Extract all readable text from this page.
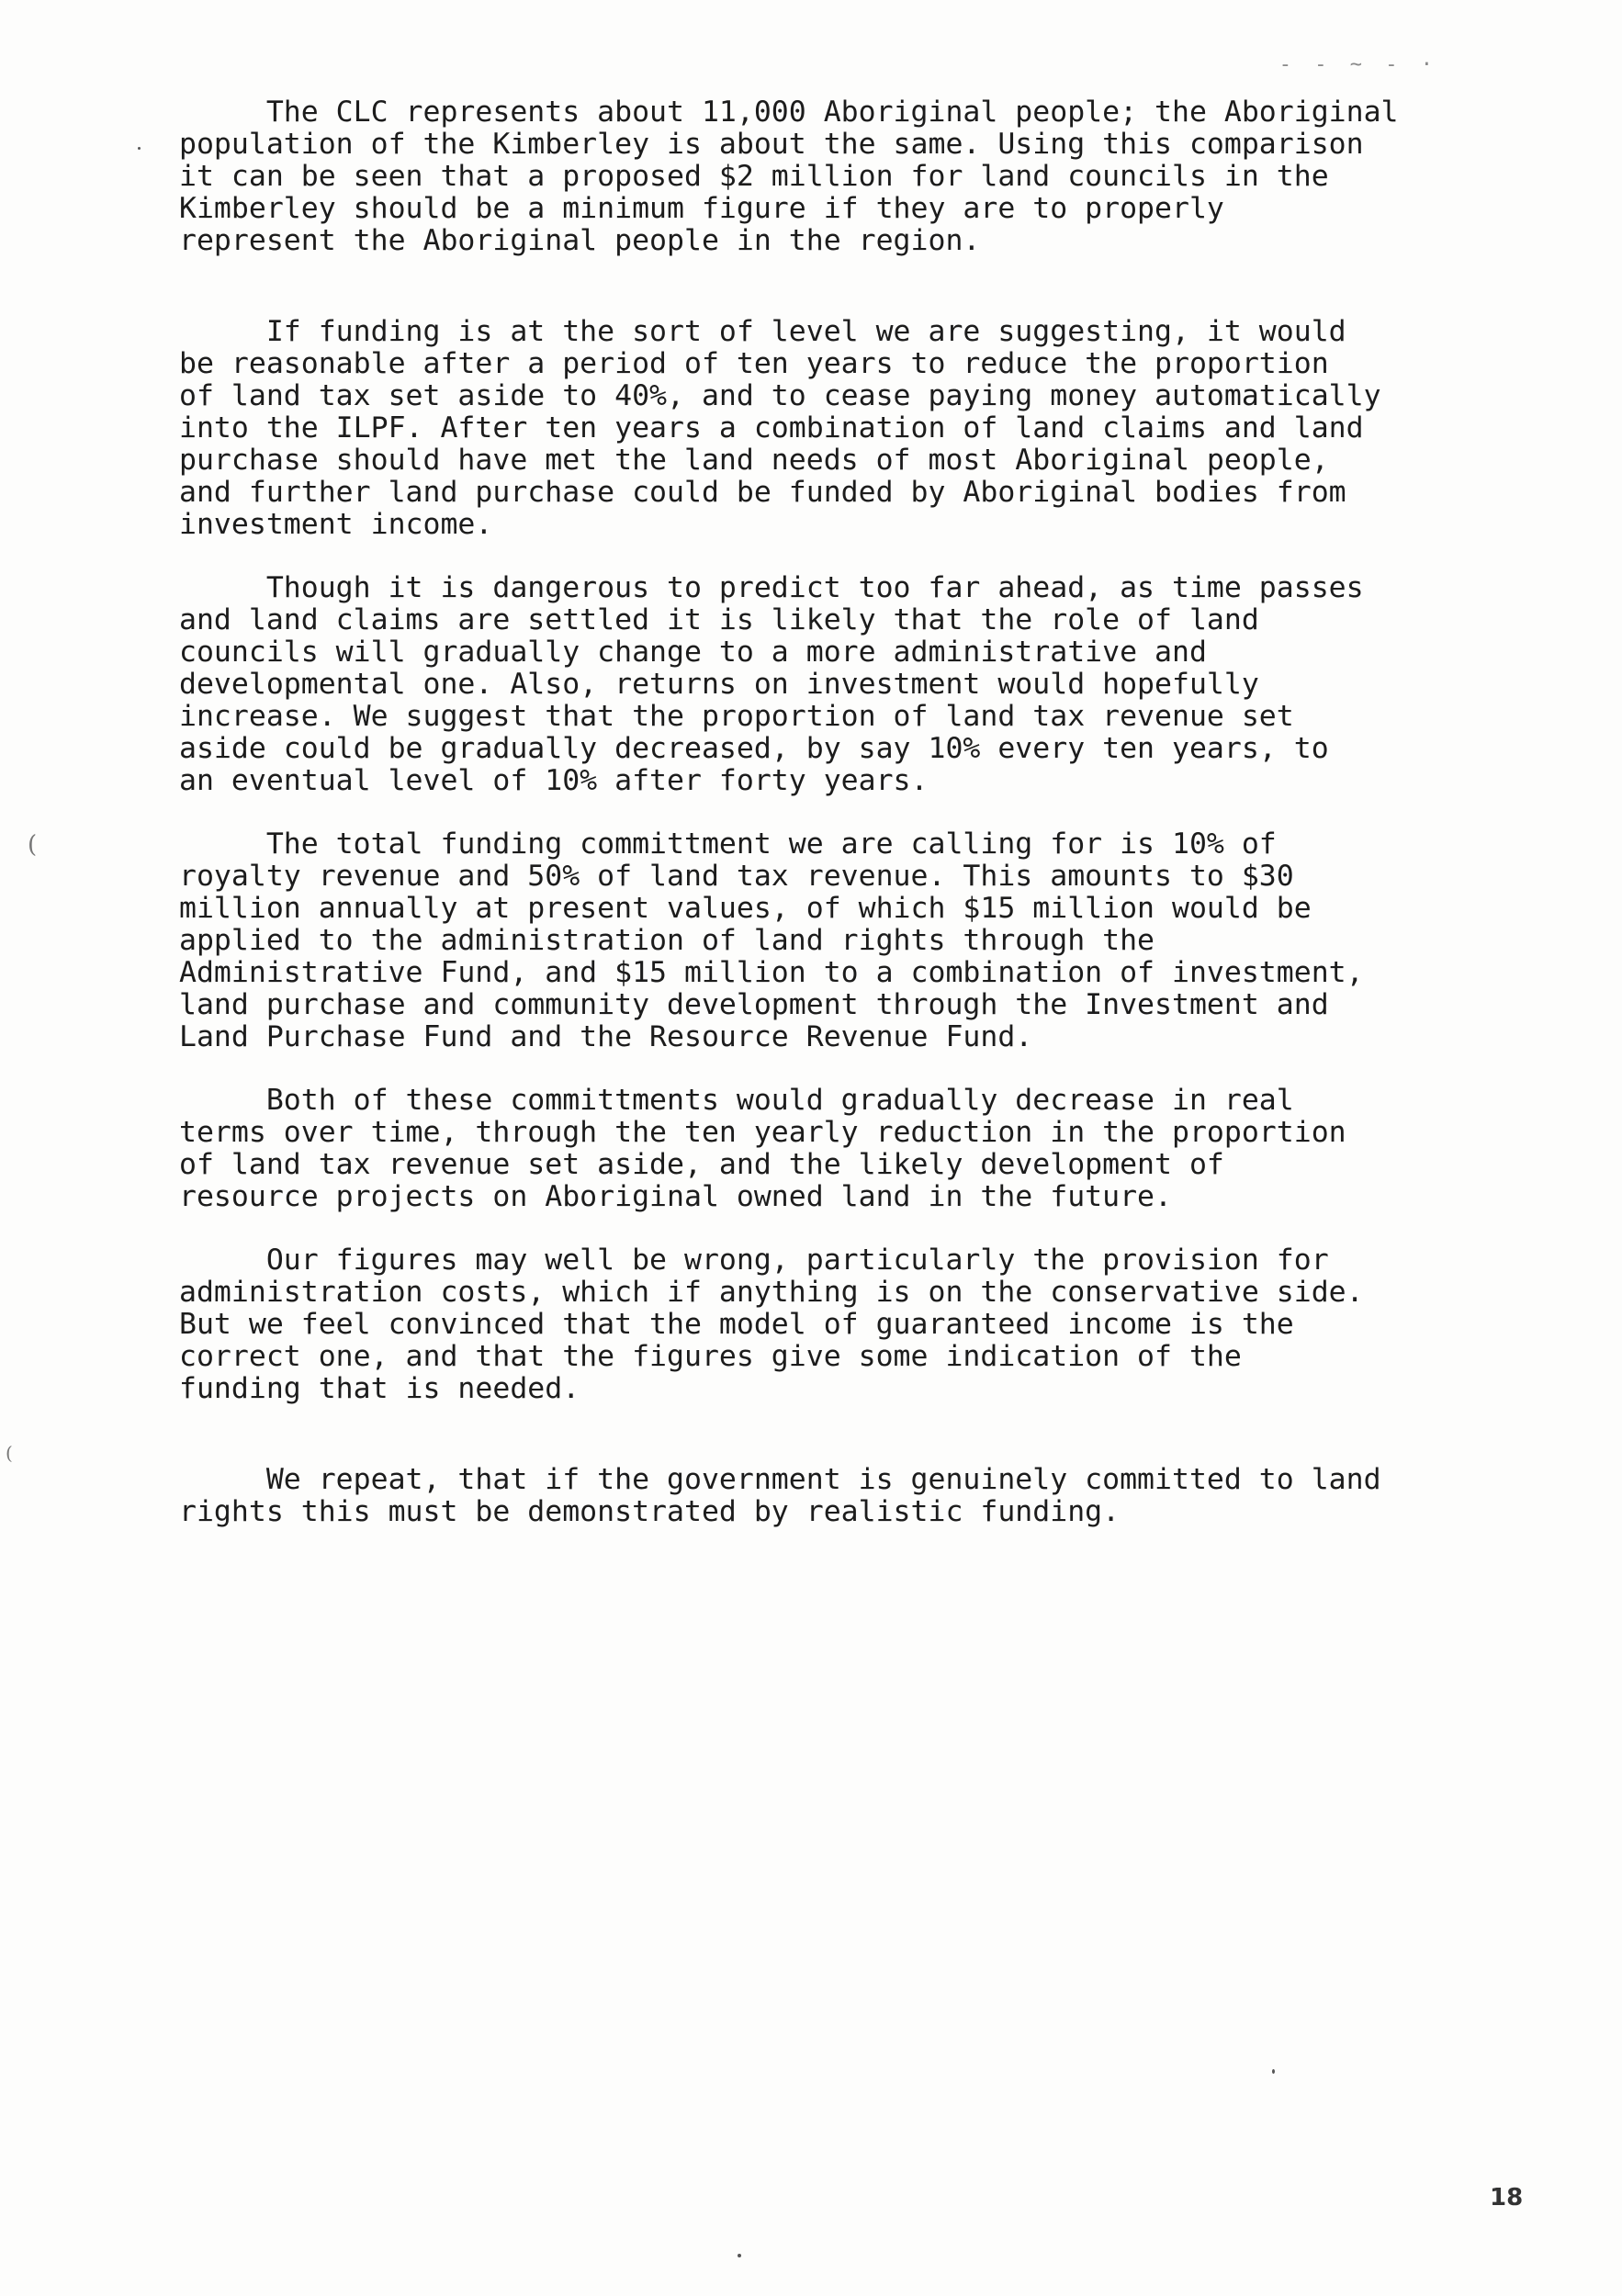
- - ~ - ·

The CLC represents about 11,000 Aboriginal people; the Aboriginal
population of the Kimberley is about the same. Using this comparison
it can be seen that a proposed $2 million for land councils in the
Kimberley should be a minimum figure if they are to properly
represent the Aboriginal people in the region.

If funding is at the sort of level we are suggesting, it would
be reasonable after a period of ten years to reduce the proportion
of land tax set aside to 40%, and to cease paying money automatically
into the ILPF. After ten years a combination of land claims and land
purchase should have met the land needs of most Aboriginal people,
and further land purchase could be funded by Aboriginal bodies from
investment income.

Though it is dangerous to predict too far ahead, as time passes
and land claims are settled it is likely that the role of land
councils will gradually change to a more administrative and
developmental one. Also, returns on investment would hopefully
increase. We suggest that the proportion of land tax revenue set
aside could be gradually decreased, by say 10% every ten years, to
an eventual level of 10% after forty years.

The total funding committment we are calling for is 10% of
royalty revenue and 50% of land tax revenue. This amounts to $30
million annually at present values, of which $15 million would be
applied to the administration of land rights through the
Administrative Fund, and $15 million to a combination of investment,
land purchase and community development through the Investment and
Land Purchase Fund and the Resource Revenue Fund.

Both of these committments would gradually decrease in real
terms over time, through the ten yearly reduction in the proportion
of land tax revenue set aside, and the likely development of
resource projects on Aboriginal owned land in the future.

Our figures may well be wrong, particularly the provision for
administration costs, which if anything is on the conservative side.
But we feel convinced that the model of guaranteed income is the
correct one, and that the figures give some indication of the
funding that is needed.

We repeat, that if the government is genuinely committed to land
rights this must be demonstrated by realistic funding.

(
(
18
